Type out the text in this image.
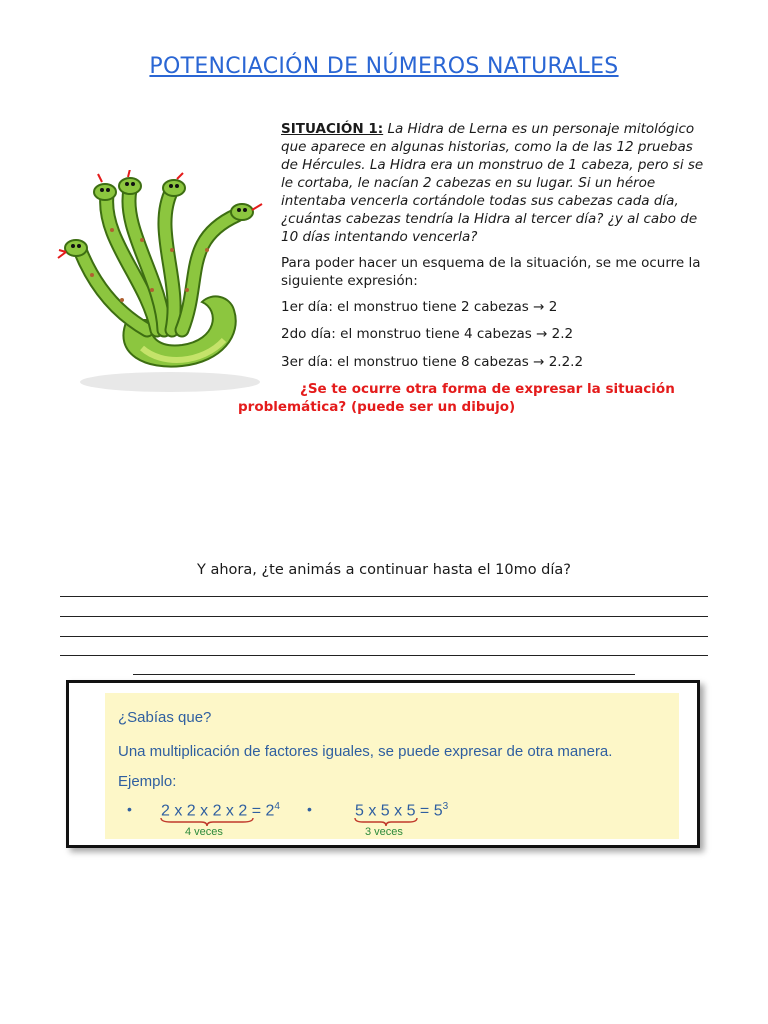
POTENCIACIÓN DE NÚMEROS NATURALES
SITUACIÓN 1: La Hidra de Lerna es un personaje mitológico que aparece en algunas historias, como la de las 12 pruebas de Hércules. La Hidra era un monstruo de 1 cabeza, pero si se le cortaba, le nacían 2 cabezas en su lugar. Si un héroe intentaba vencerla cortándole todas sus cabezas cada día, ¿cuántas cabezas tendría la Hidra al tercer día? ¿y al cabo de 10 días intentando vencerla?
Para poder hacer un esquema de la situación, se me ocurre la siguiente expresión:
1er día: el monstruo tiene 2 cabezas → 2
2do día: el monstruo tiene 4 cabezas → 2.2
3er día: el monstruo tiene 8 cabezas → 2.2.2
¿Se te ocurre otra forma de expresar la situación problemática? (puede ser un dibujo)
Y ahora, ¿te animás a continuar hasta el 10mo día?
¿Sabías que?
Una multiplicación de factores iguales, se puede expresar de otra manera.
Ejemplo:
• 2 x 2 x 2 x $2 = 2^4$
4 veces
•	5 x 5 x $5 = 5^3$
3 veces
